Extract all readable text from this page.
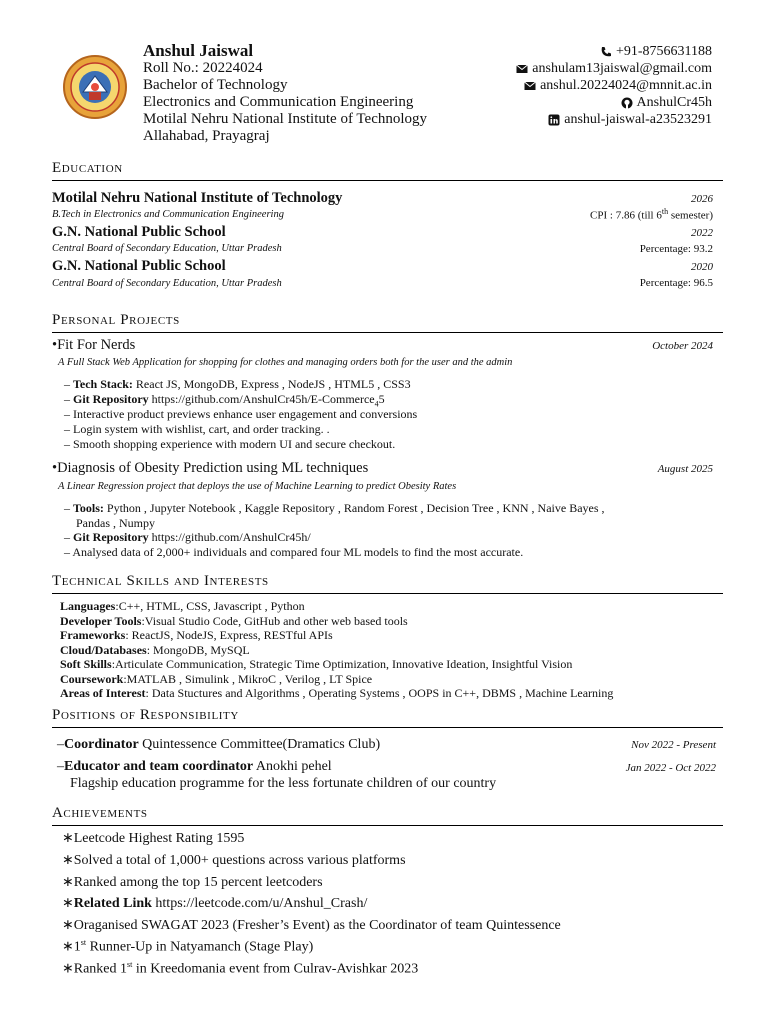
Anshul Jaiswal
Roll No.: 20224024
Bachelor of Technology
Electronics and Communication Engineering
Motilal Nehru National Institute of Technology
Allahabad, Prayagraj
+91-8756631188
anshulam13jaiswal@gmail.com
anshul.20224024@mnnit.ac.in
AnshulCr45h
anshul-jaiswal-a23523291
Education
Motilal Nehru National Institute of Technology	2026
B.Tech in Electronics and Communication Engineering	CPI : 7.86 (till 6th semester)
G.N. National Public School	2022
Central Board of Secondary Education, Uttar Pradesh	Percentage: 93.2
G.N. National Public School	2020
Central Board of Secondary Education, Uttar Pradesh	Percentage: 96.5
Personal Projects
•Fit For Nerds	October 2024
A Full Stack Web Application for shopping for clothes and managing orders both for the user and the admin
– Tech Stack: React JS, MongoDB, Express , NodeJS , HTML5 , CSS3
– Git Repository https://github.com/AnshulCr45h/E-Commerce$_4$5
– Interactive product previews enhance user engagement and conversions
– Login system with wishlist, cart, and order tracking. .
– Smooth shopping experience with modern UI and secure checkout.
•Diagnosis of Obesity Prediction using ML techniques	August 2025
A Linear Regression project that deploys the use of Machine Learning to predict Obesity Rates
– Tools: Python , Jupyter Notebook , Kaggle Repository , Random Forest , Decision Tree , KNN , Naive Bayes ,
Pandas , Numpy
– Git Repository https://github.com/AnshulCr45h/
– Analysed data of 2,000+ individuals and compared four ML models to find the most accurate.
Technical Skills and Interests
Languages:C++, HTML, CSS, Javascript , Python
Developer Tools:Visual Studio Code, GitHub and other web based tools
Frameworks: ReactJS, NodeJS, Express, RESTful APIs
Cloud/Databases: MongoDB, MySQL
Soft Skills:Articulate Communication, Strategic Time Optimization, Innovative Ideation, Insightful Vision
Coursework:MATLAB , Simulink , MikroC , Verilog , LT Spice
Areas of Interest: Data Stuctures and Algorithms , Operating Systems , OOPS in C++, DBMS , Machine Learning
Positions of Responsibility
–Coordinator Quintessence Committee(Dramatics Club)	Nov 2022 - Present
–Educator and team coordinator Anokhi pehel	Jan 2022 - Oct 2022
Flagship education programme for the less fortunate children of our country
Achievements
∗Leetcode Highest Rating 1595
∗Solved a total of 1,000+ questions across various platforms
∗Ranked among the top 15 percent leetcoders
∗Related Link https://leetcode.com/u/Anshul_Crash/
∗Oraganised SWAGAT 2023 (Fresher’s Event) as the Coordinator of team Quintessence
∗1st Runner-Up in Natyamanch (Stage Play)
∗Ranked 1st in Kreedomania event from Culrav-Avishkar 2023
